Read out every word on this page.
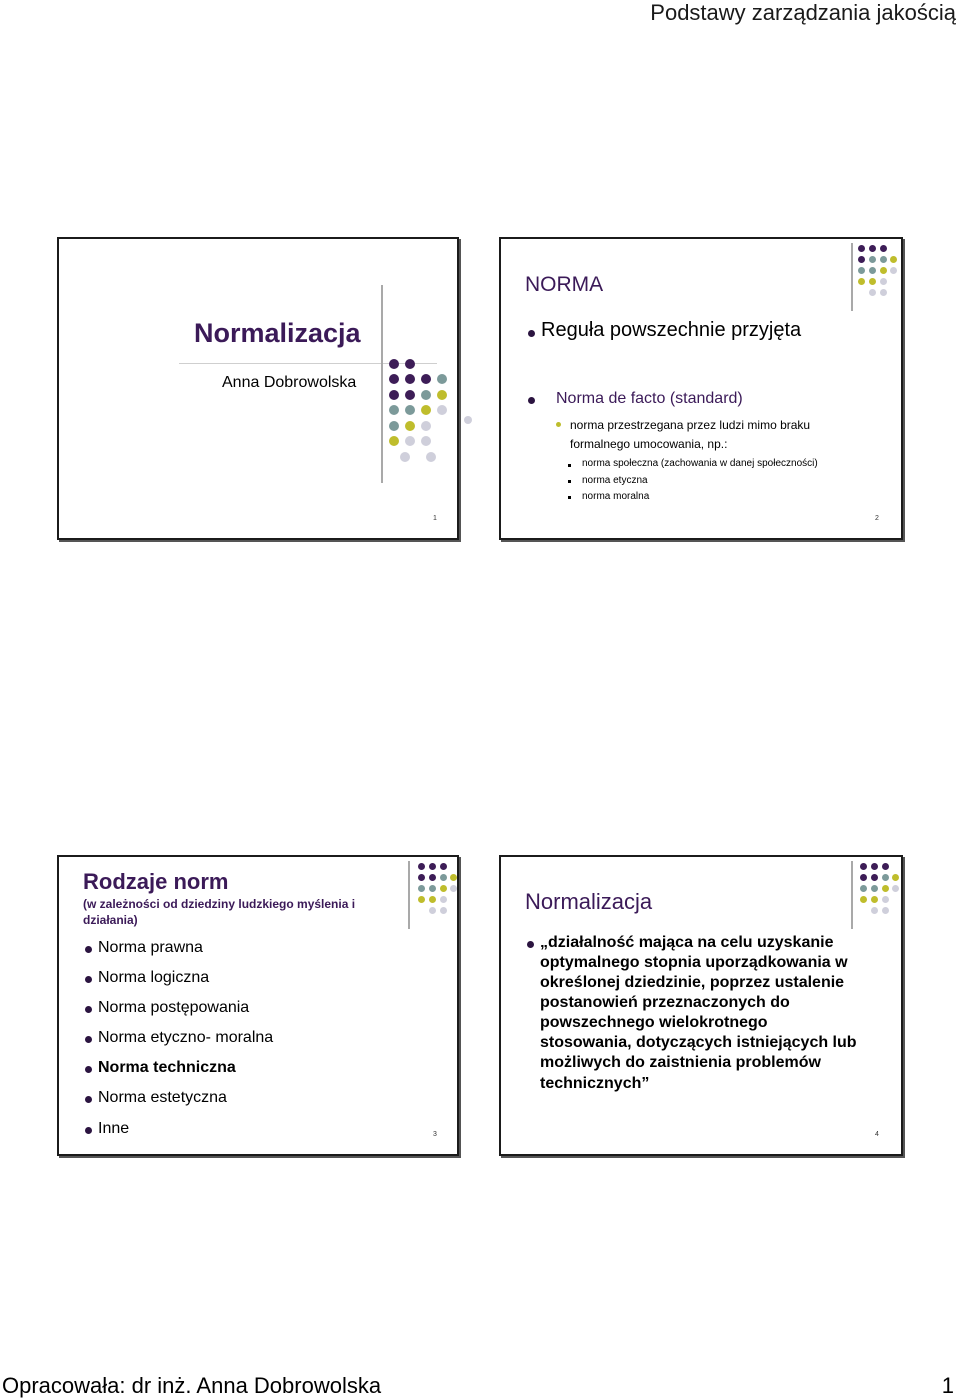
Podstawy zarządzania jakością
Normalizacja
Anna Dobrowolska
1
NORMA
Reguła powszechnie przyjęta
Norma de facto (standard)
norma przestrzegana przez ludzi mimo braku
formalnego umocowania, np.:
norma społeczna (zachowania w danej społeczności)
norma etyczna
norma moralna
2
Rodzaje norm
(w zależności od dziedziny ludzkiego myślenia i
działania)
Norma prawna
Norma logiczna
Norma postępowania
Norma etyczno- moralna
Norma techniczna
Norma estetyczna
Inne	3
Normalizacja
„działalność mająca na celu uzyskanie
optymalnego stopnia uporządkowania w
określonej dziedzinie, poprzez ustalenie
postanowień przeznaczonych do
powszechnego wielokrotnego
stosowania, dotyczących istniejących lub
możliwych do zaistnienia problemów
technicznych”
4
Opracowała: dr inż. Anna Dobrowolska	1
